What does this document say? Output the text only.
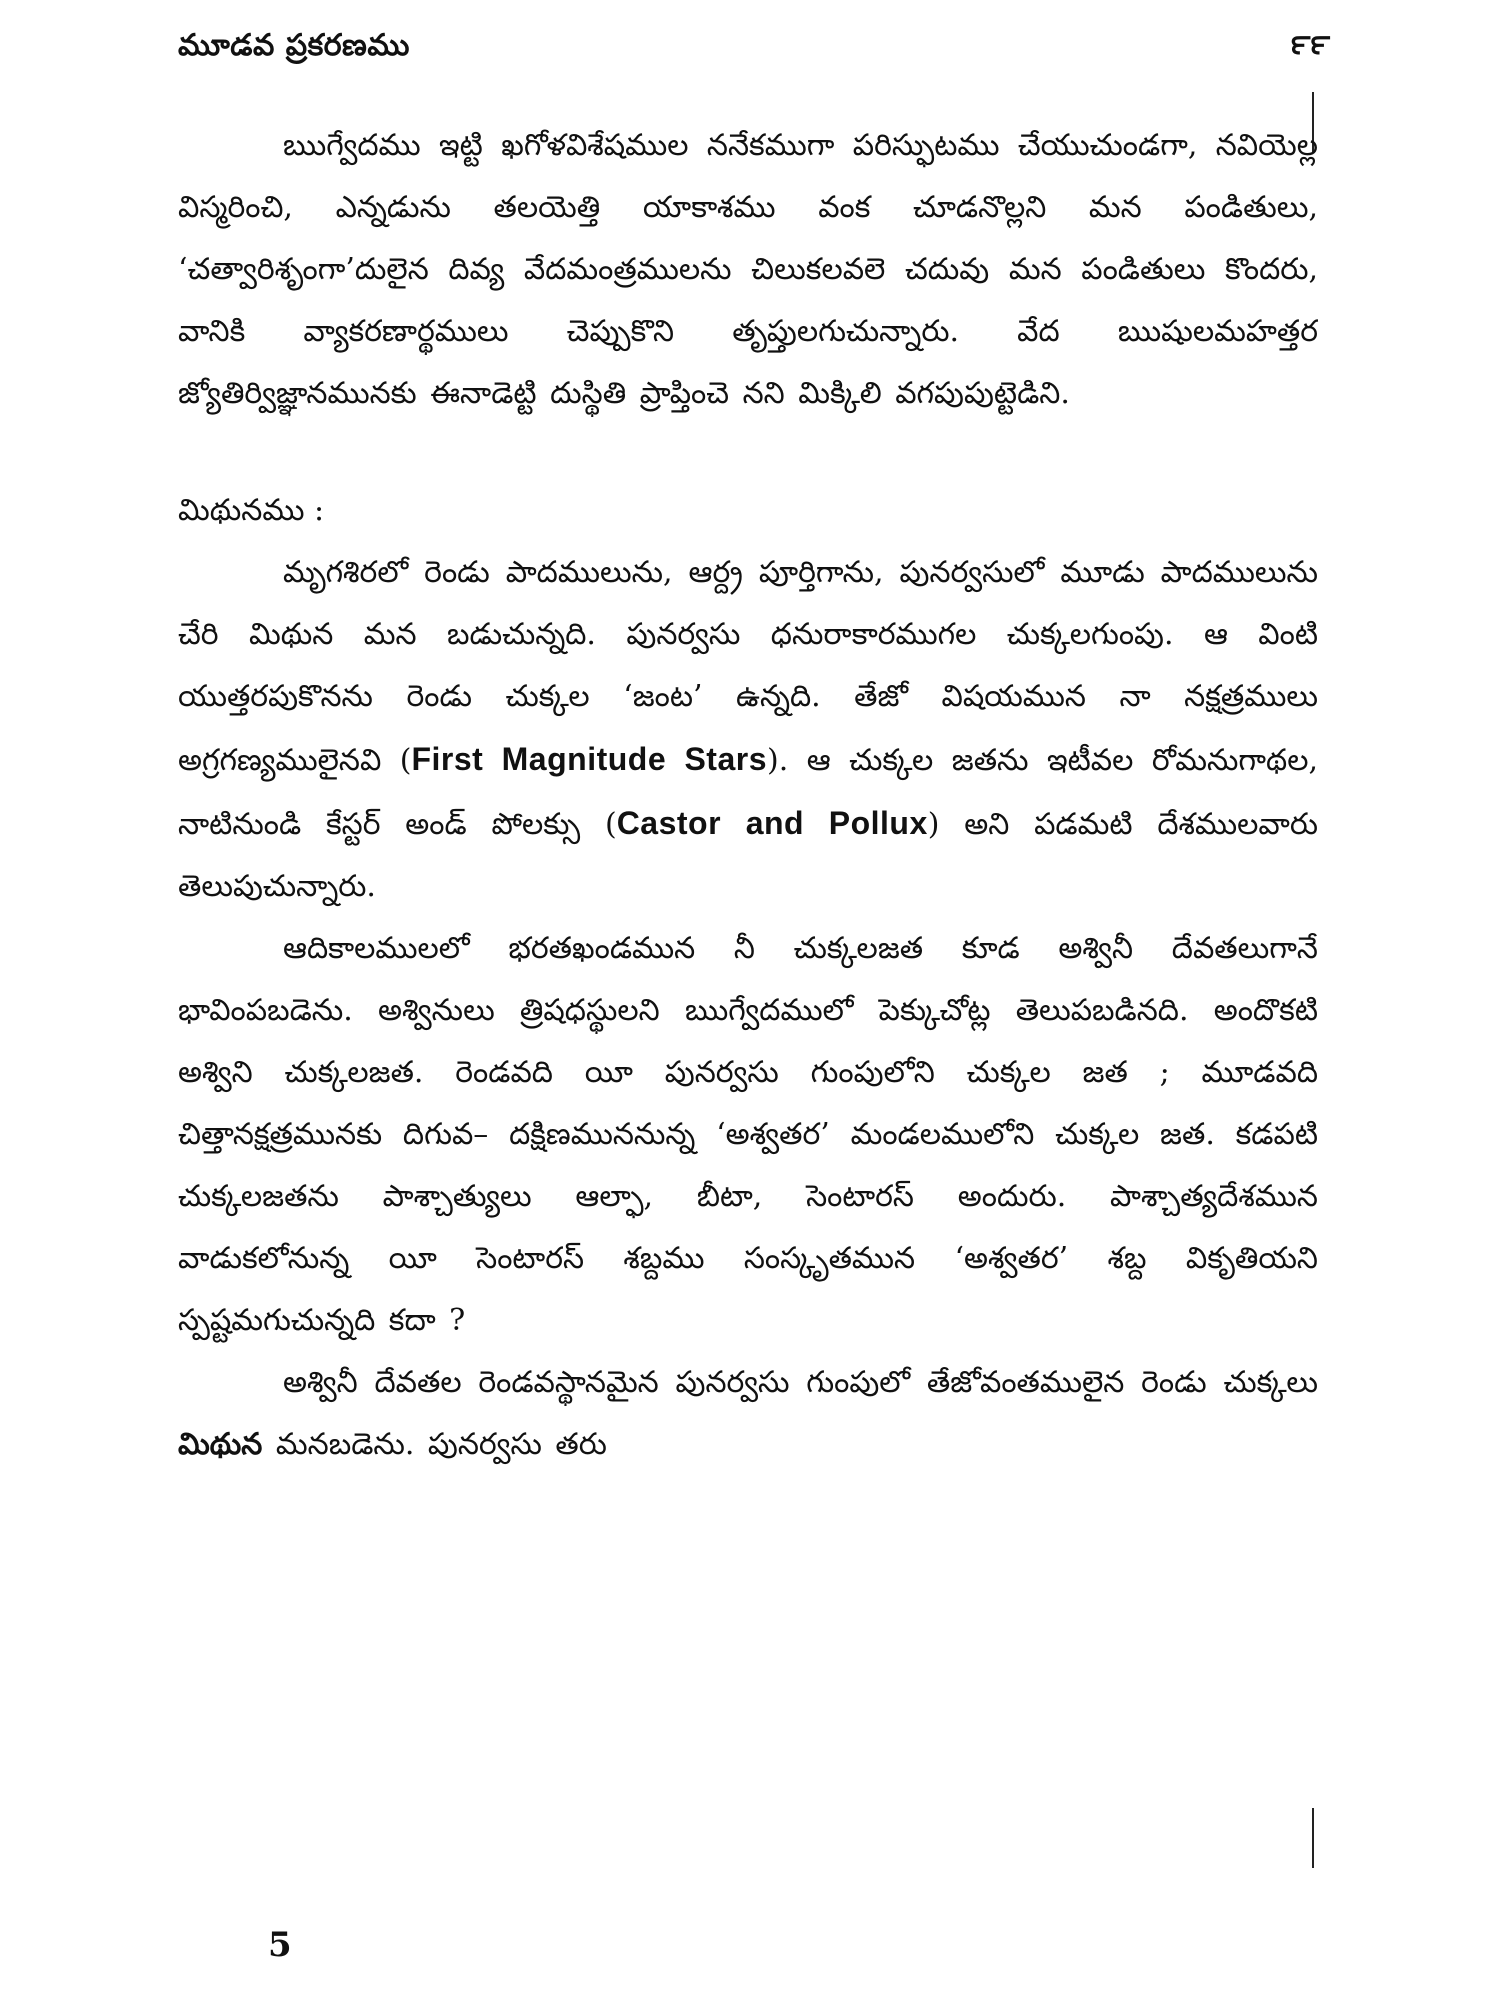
మూడవ ప్రకరణము	౯౯

ఋగ్వేదము ఇట్టి ఖగోళవిశేషముల ననేకముగా పరిస్ఫుటము చేయుచుండగా, నవియెల్ల విస్మరించి, ఎన్నడును తలయెత్తి యాకాశము వంక చూడనొల్లని మన పండితులు, ‘చత్వారిశృంగా’దులైన దివ్య వేదమంత్రములను చిలుకలవలె చదువు మన పండితులు కొందరు, వానికి వ్యాకరణార్థములు చెప్పుకొని తృప్తులగుచున్నారు. వేద ఋషులమహత్తర జ్యోతిర్విజ్ఞానమునకు ఈనాడెట్టి దుస్థితి ప్రాప్తించె నని మిక్కిలి వగపుపుట్టెడిని.

మిథునము :

మృగశిరలో రెండు పాదములును, ఆర్ద్ర పూర్తిగాను, పునర్వసులో మూడు పాదములును చేరి మిథున మన బడుచున్నది. పునర్వసు ధనురాకారముగల చుక్కలగుంపు. ఆ వింటి యుత్తరపుకొనను రెండు చుక్కల ‘జంట’ ఉన్నది. తేజో విషయమున నా నక్షత్రములు అగ్రగణ్యములైనవి (First Magnitude Stars). ఆ చుక్కల జతను ఇటీవల రోమనుగాథల, నాటినుండి కేస్టర్ అండ్ పోలక్సు (Castor and Pollux) అని పడమటి దేశములవారు తెలుపుచున్నారు.

ఆదికాలములలో భరతఖండమున నీ చుక్కలజత కూడ అశ్వినీ దేవతలుగానే భావింపబడెను. అశ్వినులు త్రిషధస్థులని ఋగ్వేదములో పెక్కుచోట్ల తెలుపబడినది. అందొకటి అశ్విని చుక్కలజత. రెండవది యీ పునర్వసు గుంపులోని చుక్కల జత ; మూడవది చిత్తానక్షత్రమునకు దిగువ– దక్షిణముననున్న ‘అశ్వతర’ మండలములోని చుక్కల జత. కడపటి చుక్కలజతను పాశ్చాత్యులు ఆల్ఫా, బీటా, సెంటారస్ అందురు. పాశ్చాత్యదేశమున వాడుకలోనున్న యీ సెంటారస్ శబ్దము సంస్కృతమున ‘అశ్వతర’ శబ్ద వికృతియని స్పష్టమగుచున్నది కదా ?

అశ్వినీ దేవతల రెండవస్థానమైన పునర్వసు గుంపులో తేజోవంతములైన రెండు చుక్కలు మిథున మనబడెను. పునర్వసు తరు

5
